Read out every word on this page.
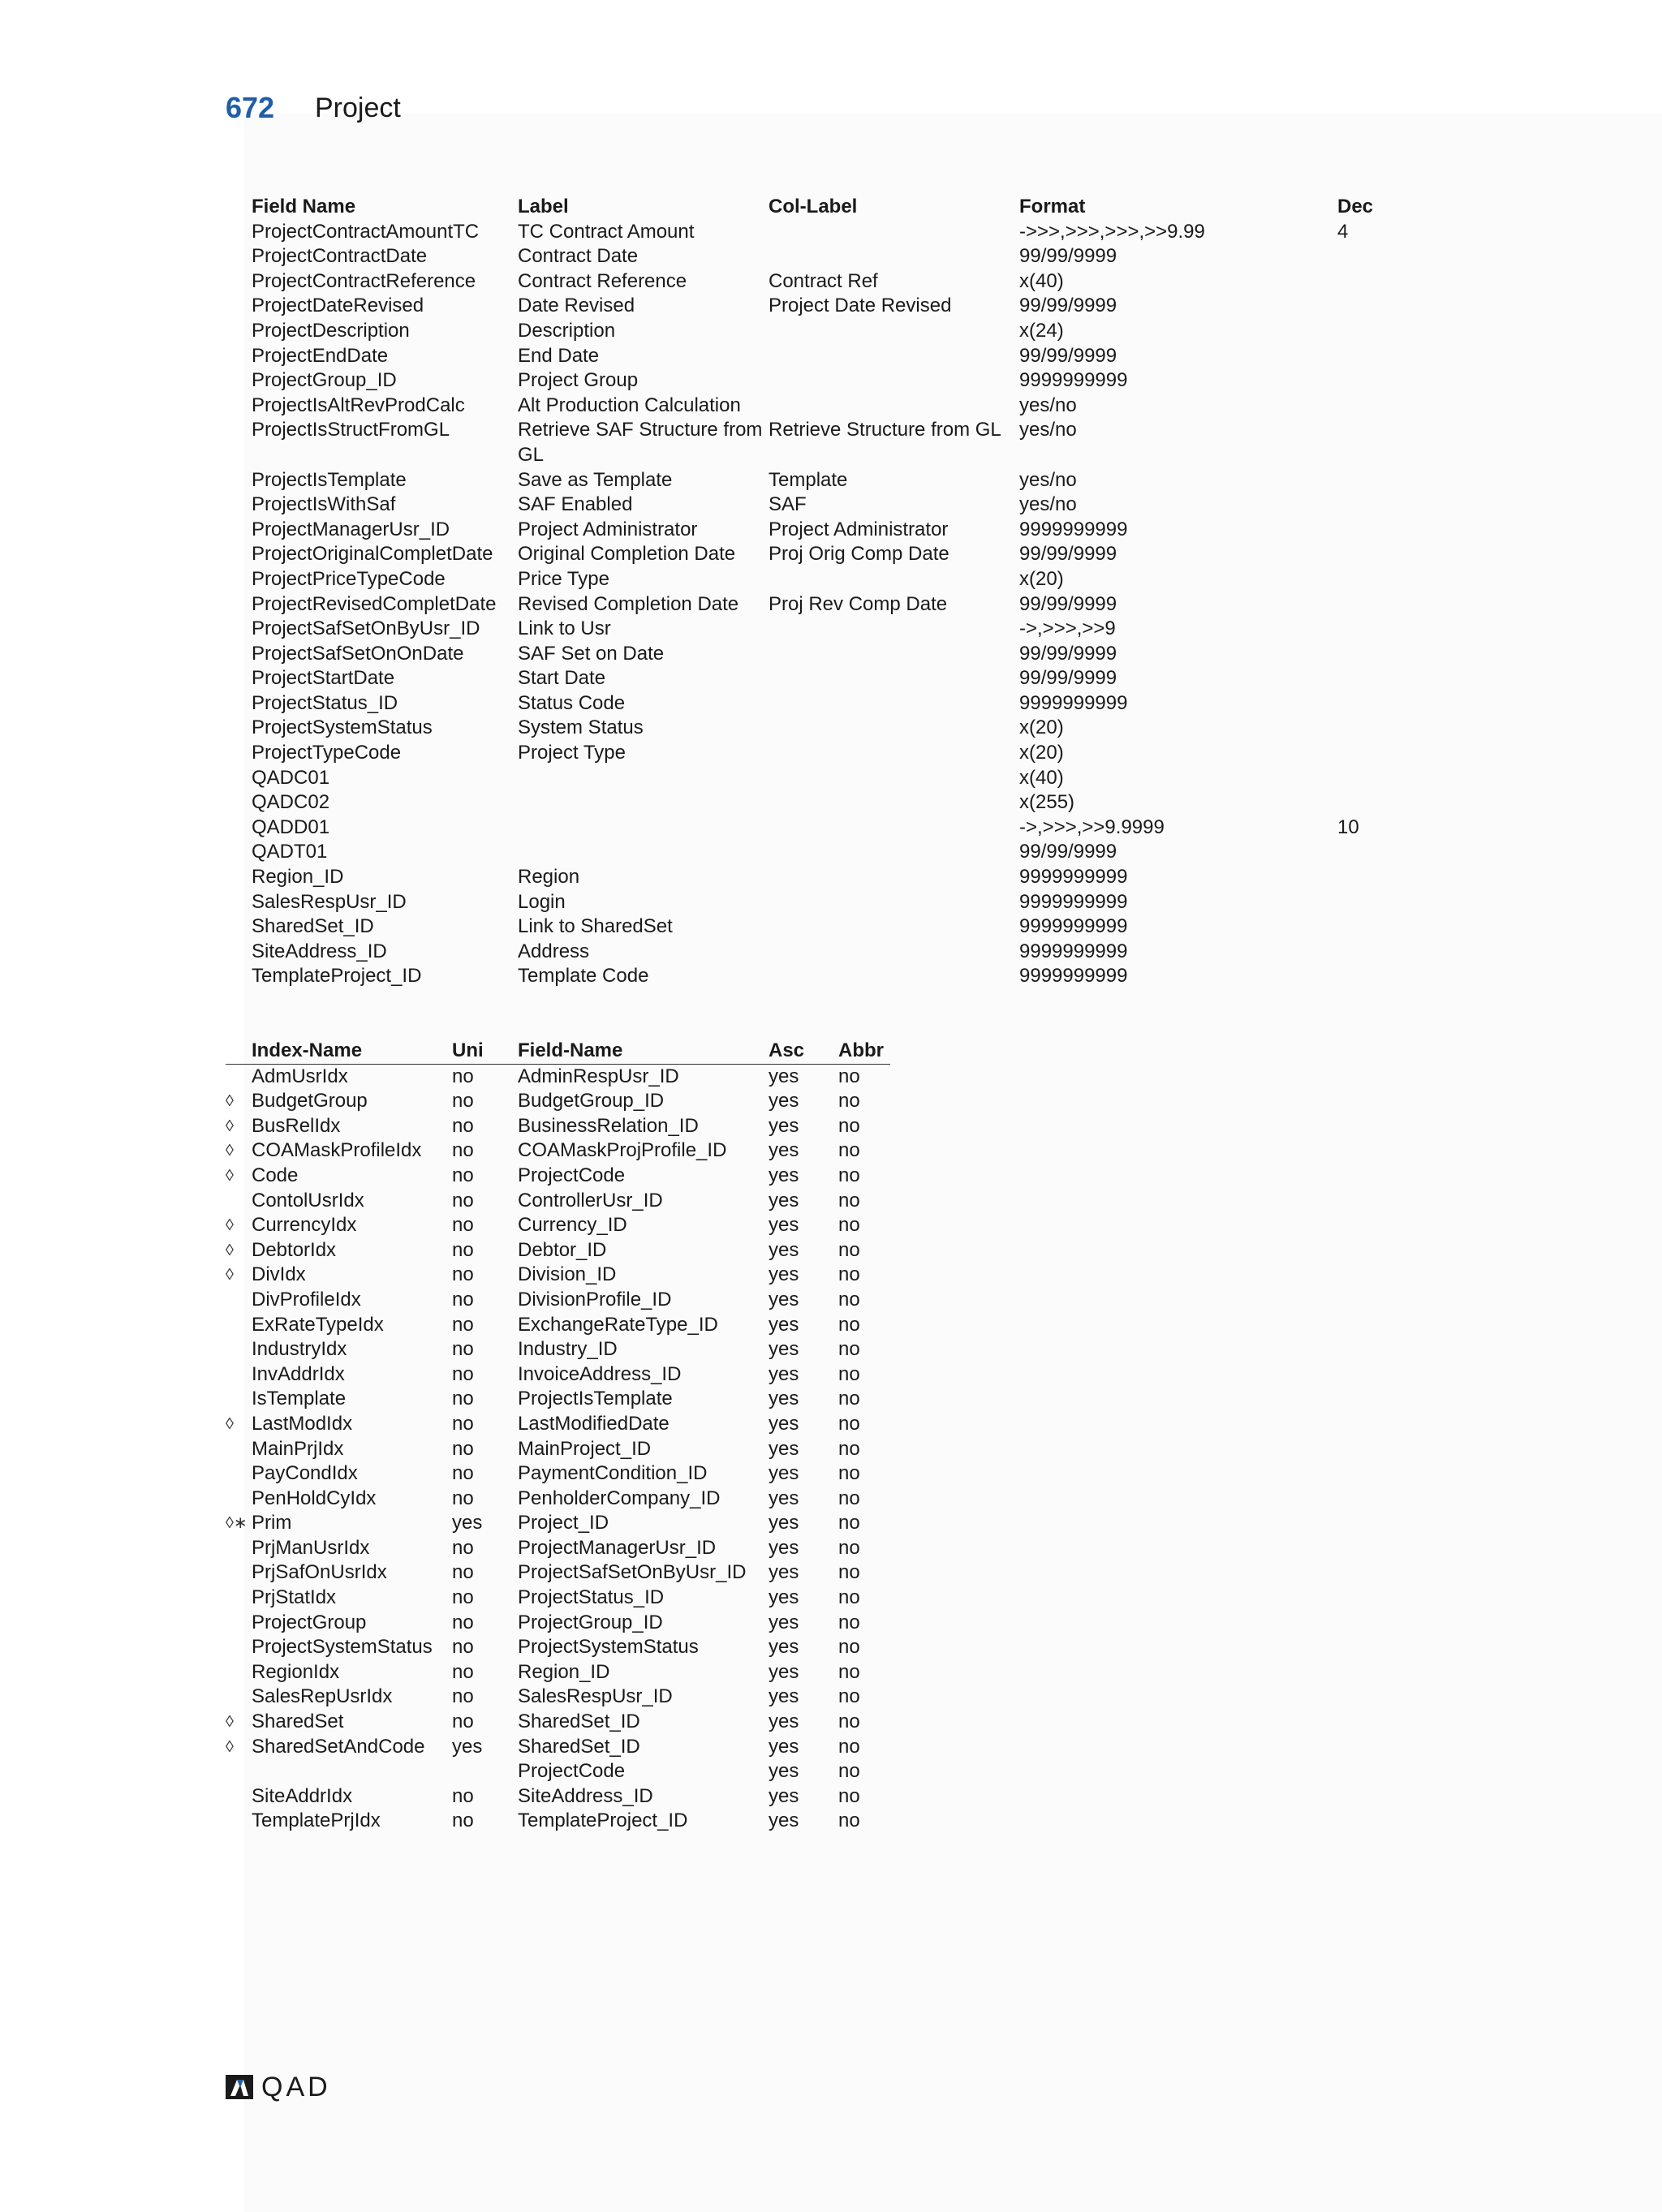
672 Project
Field Name	Label	Col-Label	Format	Dec
ProjectContractAmountTC	TC Contract Amount		->>>,>>>,>>>,>>9.99	4
ProjectContractDate	Contract Date		99/99/9999	
ProjectContractReference	Contract Reference	Contract Ref	x(40)	
ProjectDateRevised	Date Revised	Project Date Revised	99/99/9999	
ProjectDescription	Description		x(24)	
ProjectEndDate	End Date		99/99/9999	
ProjectGroup_ID	Project Group		9999999999	
ProjectIsAltRevProdCalc	Alt Production Calculation		yes/no	
ProjectIsStructFromGL	Retrieve SAF Structure from GL	Retrieve Structure from GL	yes/no	
ProjectIsTemplate	Save as Template	Template	yes/no	
ProjectIsWithSaf	SAF Enabled	SAF	yes/no	
ProjectManagerUsr_ID	Project Administrator	Project Administrator	9999999999	
ProjectOriginalCompletDate	Original Completion Date	Proj Orig Comp Date	99/99/9999	
ProjectPriceTypeCode	Price Type		x(20)	
ProjectRevisedCompletDate	Revised Completion Date	Proj Rev Comp Date	99/99/9999	
ProjectSafSetOnByUsr_ID	Link to Usr		->,>>>,>>9	
ProjectSafSetOnOnDate	SAF Set on Date		99/99/9999	
ProjectStartDate	Start Date		99/99/9999	
ProjectStatus_ID	Status Code		9999999999	
ProjectSystemStatus	System Status		x(20)	
ProjectTypeCode	Project Type		x(20)	
QADC01			x(40)	
QADC02			x(255)	
QADD01			->,>>>,>>9.9999	10
QADT01			99/99/9999	
Region_ID	Region		9999999999	
SalesRespUsr_ID	Login		9999999999	
SharedSet_ID	Link to SharedSet		9999999999	
SiteAddress_ID	Address		9999999999	
TemplateProject_ID	Template Code		9999999999	
	Index-Name	Uni	Field-Name	Asc	Abbr
	AdmUsrIdx	no	AdminRespUsr_ID	yes	no
◊	BudgetGroup	no	BudgetGroup_ID	yes	no
◊	BusRelIdx	no	BusinessRelation_ID	yes	no
◊	COAMaskProfileIdx	no	COAMaskProjProfile_ID	yes	no
◊	Code	no	ProjectCode	yes	no
	ContolUsrIdx	no	ControllerUsr_ID	yes	no
◊	CurrencyIdx	no	Currency_ID	yes	no
◊	DebtorIdx	no	Debtor_ID	yes	no
◊	DivIdx	no	Division_ID	yes	no
	DivProfileIdx	no	DivisionProfile_ID	yes	no
	ExRateTypeIdx	no	ExchangeRateType_ID	yes	no
	IndustryIdx	no	Industry_ID	yes	no
	InvAddrIdx	no	InvoiceAddress_ID	yes	no
	IsTemplate	no	ProjectIsTemplate	yes	no
◊	LastModIdx	no	LastModifiedDate	yes	no
	MainPrjIdx	no	MainProject_ID	yes	no
	PayCondIdx	no	PaymentCondition_ID	yes	no
	PenHoldCyIdx	no	PenholderCompany_ID	yes	no
◊∗	Prim	yes	Project_ID	yes	no
	PrjManUsrIdx	no	ProjectManagerUsr_ID	yes	no
	PrjSafOnUsrIdx	no	ProjectSafSetOnByUsr_ID	yes	no
	PrjStatIdx	no	ProjectStatus_ID	yes	no
	ProjectGroup	no	ProjectGroup_ID	yes	no
	ProjectSystemStatus	no	ProjectSystemStatus	yes	no
	RegionIdx	no	Region_ID	yes	no
	SalesRepUsrIdx	no	SalesRespUsr_ID	yes	no
◊	SharedSet	no	SharedSet_ID	yes	no
◊	SharedSetAndCode	yes	SharedSet_ID	yes	no
			ProjectCode	yes	no
	SiteAddrIdx	no	SiteAddress_ID	yes	no
	TemplatePrjIdx	no	TemplateProject_ID	yes	no
QAD
